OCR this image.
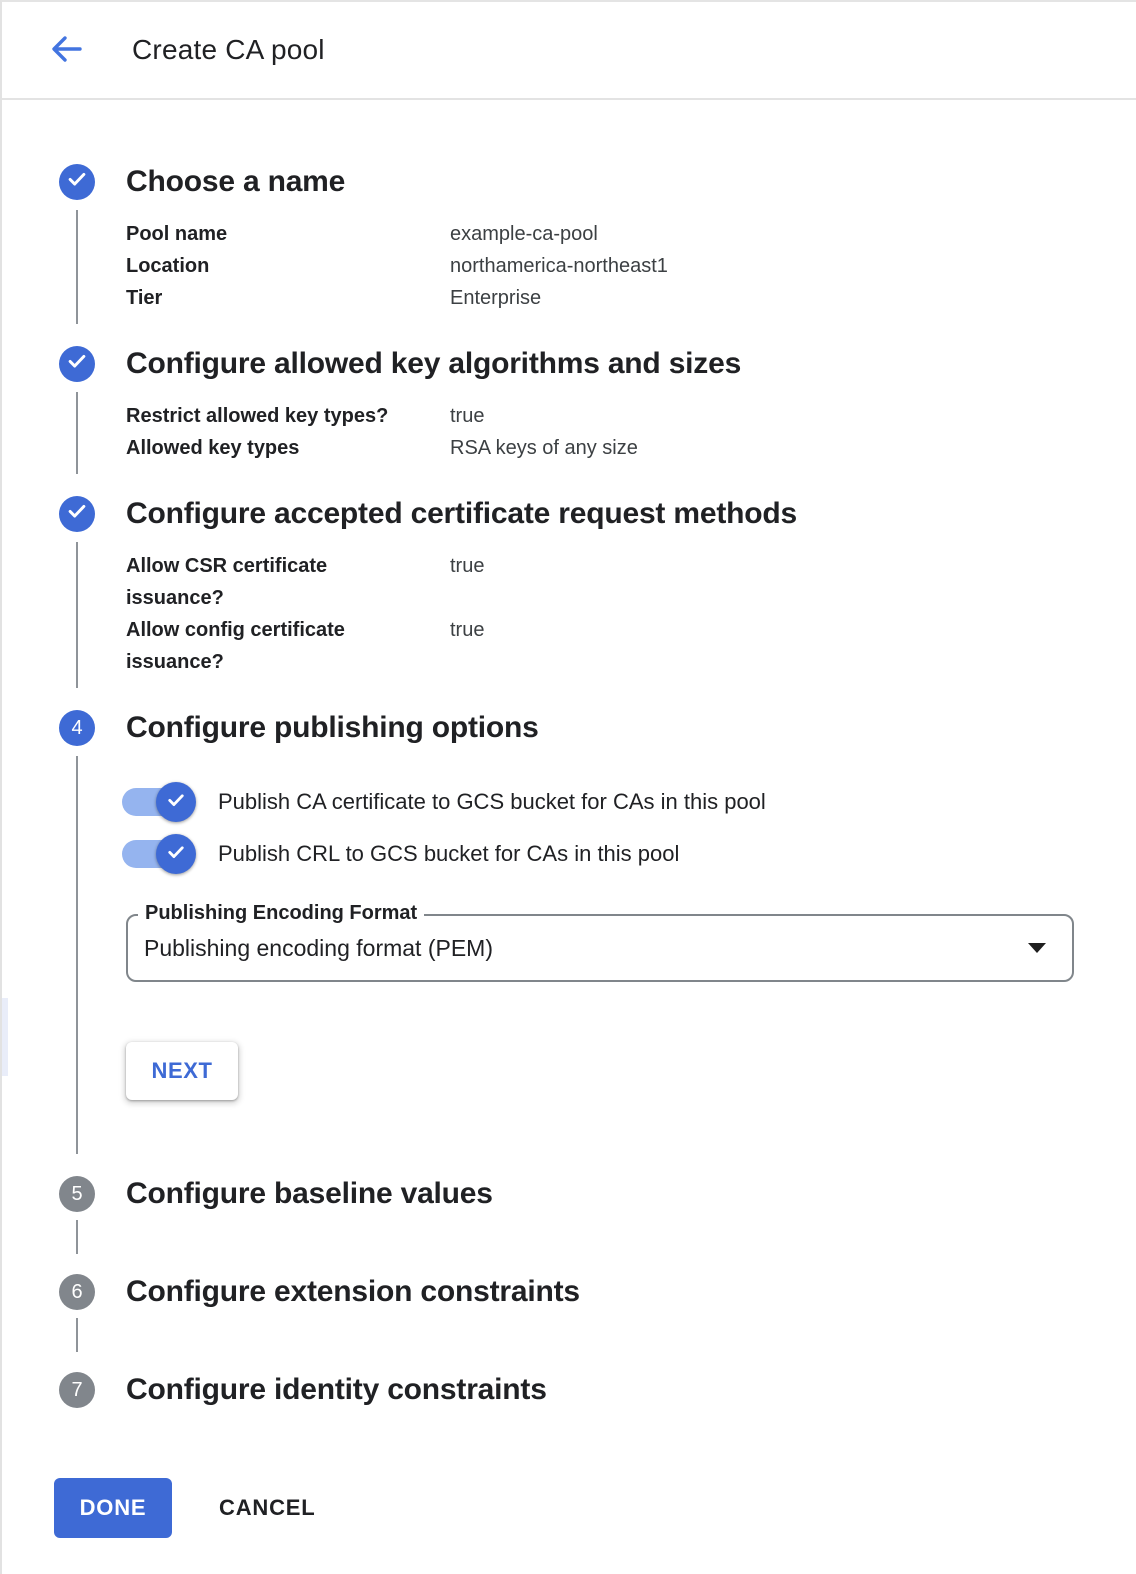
Create CA pool
Choose a name
Pool name	example-ca-pool
Location	northamerica-northeast1
Tier	Enterprise
Configure allowed key algorithms and sizes
Restrict allowed key types?	true
Allowed key types	RSA keys of any size
Configure accepted certificate request methods
Allow CSR certificate issuance?
true
Allow config certificate issuance?
true
4 Configure publishing options
Publish CA certificate to GCS bucket for CAs in this pool
Publish CRL to GCS bucket for CAs in this pool
Publishing Encoding Format
Publishing encoding format (PEM)
NEXT
5 Configure baseline values
6 Configure extension constraints
7 Configure identity constraints
DONE	CANCEL
